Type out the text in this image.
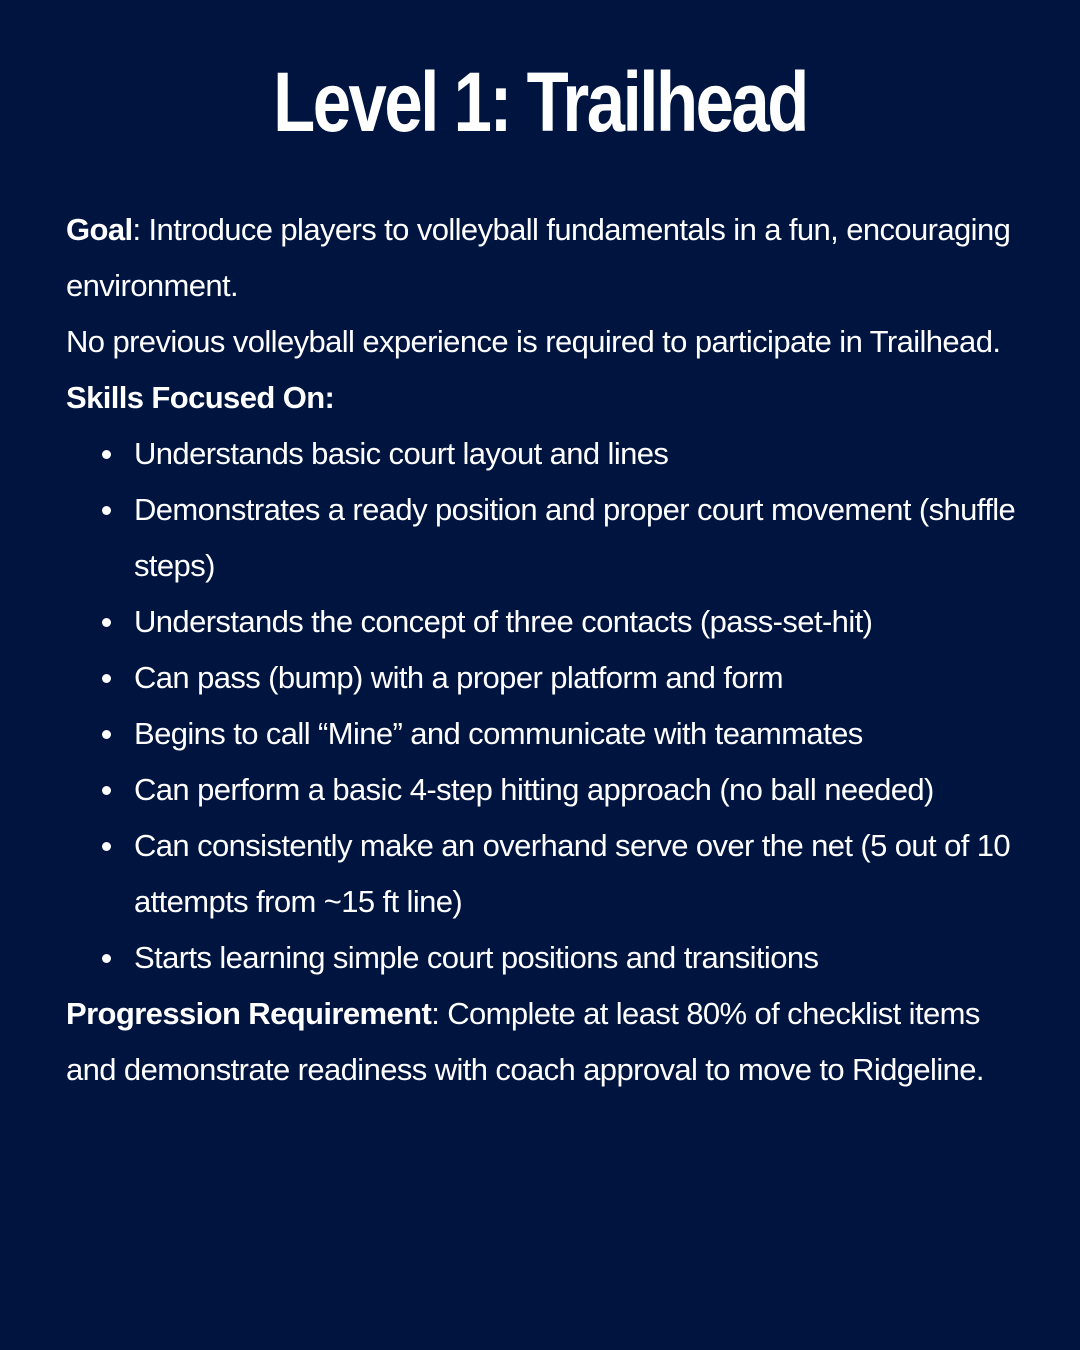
Level 1: Trailhead

Goal: Introduce players to volleyball fundamentals in a fun, encouraging environment.

No previous volleyball experience is required to participate in Trailhead.

Skills Focused On:

Understands basic court layout and lines
Demonstrates a ready position and proper court movement (shuffle steps)
Understands the concept of three contacts (pass-set-hit)
Can pass (bump) with a proper platform and form
Begins to call “Mine” and communicate with teammates
Can perform a basic 4-step hitting approach (no ball needed)
Can consistently make an overhand serve over the net (5 out of 10 attempts from ~15 ft line)
Starts learning simple court positions and transitions

Progression Requirement: Complete at least 80% of checklist items and demonstrate readiness with coach approval to move to Ridgeline.
